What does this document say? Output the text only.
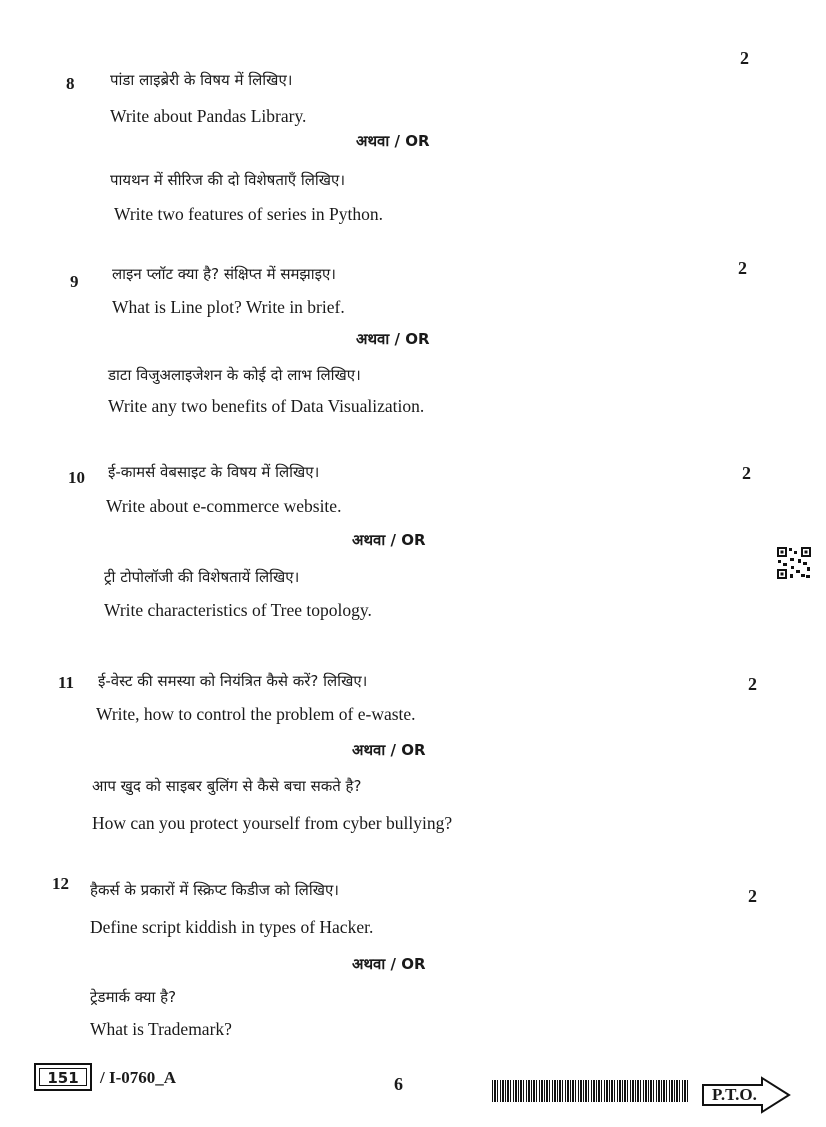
2
8 पांडा लाइब्रेरी के विषय में लिखिए।
Write about Pandas Library.
अथवा / OR
पायथन में सीरिज की दो विशेषताएँ लिखिए।
Write two features of series in Python.
2
9 लाइन प्लॉट क्या है? संक्षिप्त में समझाइए।
What is Line plot? Write in brief.
अथवा / OR
डाटा विजुअलाइजेशन के कोई दो लाभ लिखिए।
Write any two benefits of Data Visualization.
2
10 ई-कामर्स वेबसाइट के विषय में लिखिए।
Write about e-commerce website.
अथवा / OR
ट्री टोपोलॉजी की विशेषतायें लिखिए।
Write characteristics of Tree topology.
11 ई-वेस्ट की समस्या को नियंत्रित कैसे करें? लिखिए।	2
Write, how to control the problem of e-waste.
अथवा / OR
आप खुद को साइबर बुलिंग से कैसे बचा सकते है?
How can you protect yourself from cyber bullying?
12 हैकर्स के प्रकारों में स्क्रिप्ट किडीज को लिखिए।	2
Define script kiddish in types of Hacker.
अथवा / OR
ट्रेडमार्क क्या है?
What is Trademark?
151	/ I-0760_A	6
P.T.O.
